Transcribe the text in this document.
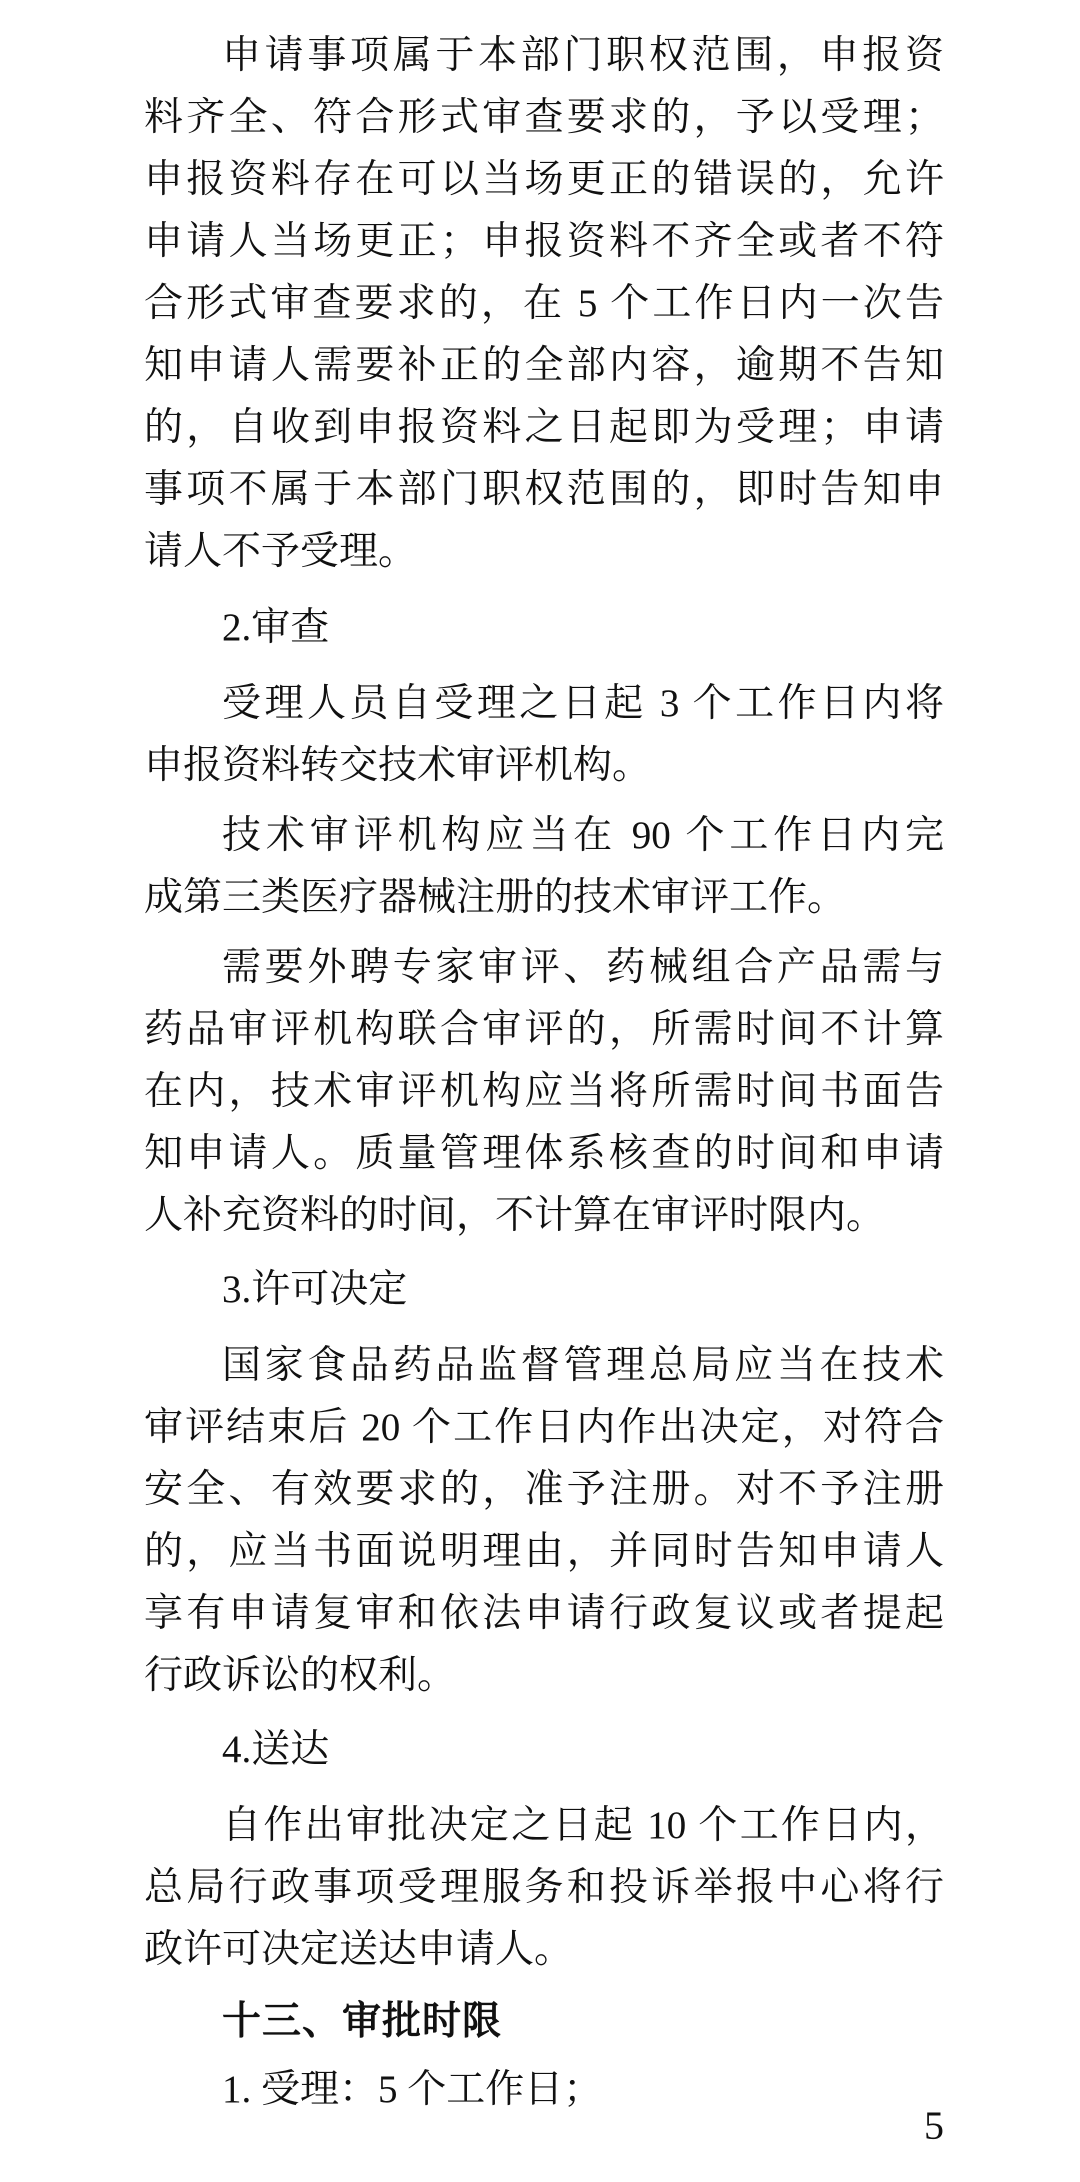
申请事项属于本部门职权范围，申报资
料齐全、符合形式审查要求的，予以受理；
申报资料存在可以当场更正的错误的，允许
申请人当场更正；申报资料不齐全或者不符
合形式审查要求的，在 5 个工作日内一次告
知申请人需要补正的全部内容，逾期不告知
的，自收到申报资料之日起即为受理；申请
事项不属于本部门职权范围的，即时告知申
请人不予受理。
2.审查
受理人员自受理之日起 3 个工作日内将
申报资料转交技术审评机构。
技术审评机构应当在 90 个工作日内完
成第三类医疗器械注册的技术审评工作。
需要外聘专家审评、药械组合产品需与
药品审评机构联合审评的，所需时间不计算
在内，技术审评机构应当将所需时间书面告
知申请人。质量管理体系核查的时间和申请
人补充资料的时间，不计算在审评时限内。
3.许可决定
国家食品药品监督管理总局应当在技术
审评结束后 20 个工作日内作出决定，对符合
安全、有效要求的，准予注册。对不予注册
的，应当书面说明理由，并同时告知申请人
享有申请复审和依法申请行政复议或者提起
行政诉讼的权利。
4.送达
自作出审批决定之日起 10 个工作日内，
总局行政事项受理服务和投诉举报中心将行
政许可决定送达申请人。
十三、审批时限
1. 受理：5 个工作日；
5
